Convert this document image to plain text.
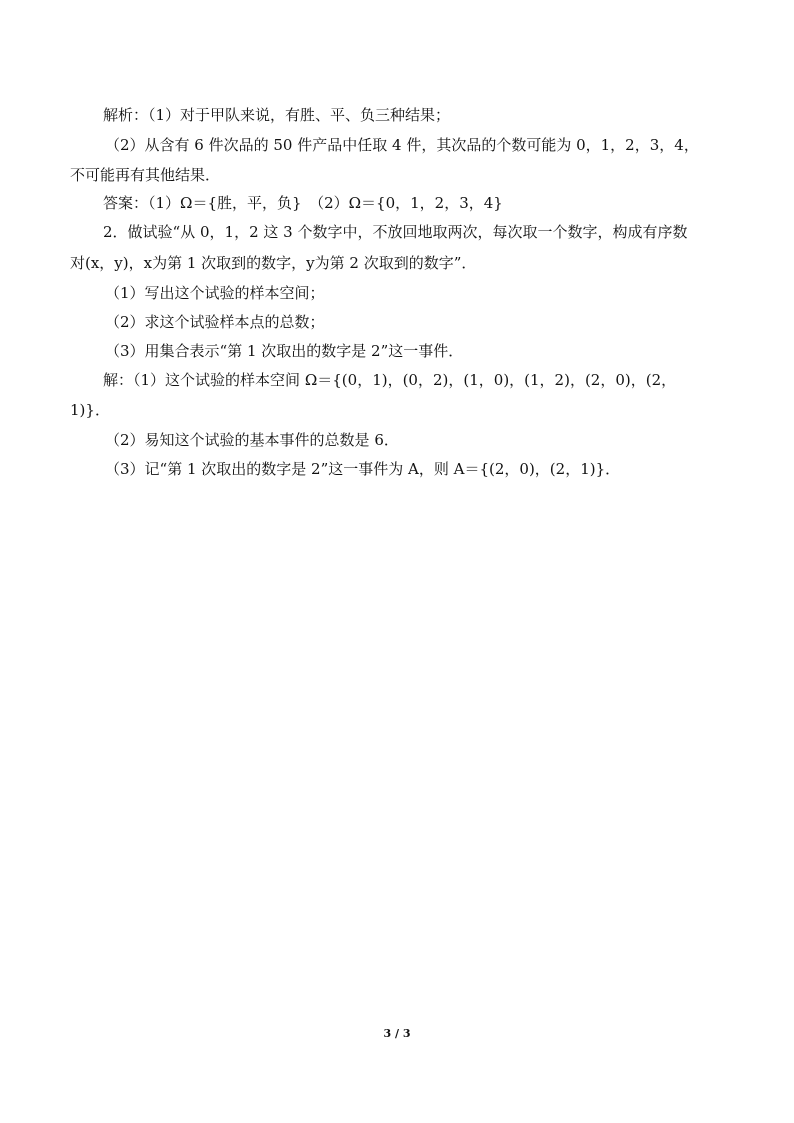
解析：（1）对于甲队来说，有胜、平、负三种结果；
（2）从含有 6 件次品的 50 件产品中任取 4 件，其次品的个数可能为 0，1，2，3，4，
不可能再有其他结果．
答案：（1）Ω＝{胜，平，负}　（2）Ω＝{0，1，2，3，4}
2．做试验“从 0，1，2 这 3 个数字中，不放回地取两次，每次取一个数字，构成有序数
对(x，y)，x为第 1 次取到的数字，y为第 2 次取到的数字”．
（1）写出这个试验的样本空间；
（2）求这个试验样本点的总数；
（3）用集合表示“第 1 次取出的数字是 2”这一事件．
解：（1）这个试验的样本空间 Ω＝{(0，1)，(0，2)，(1，0)，(1，2)，(2，0)，(2，
1)}．
（2）易知这个试验的基本事件的总数是 6．
（3）记“第 1 次取出的数字是 2”这一事件为 A，则 A＝{(2，0)，(2，1)}．
3 / 3
